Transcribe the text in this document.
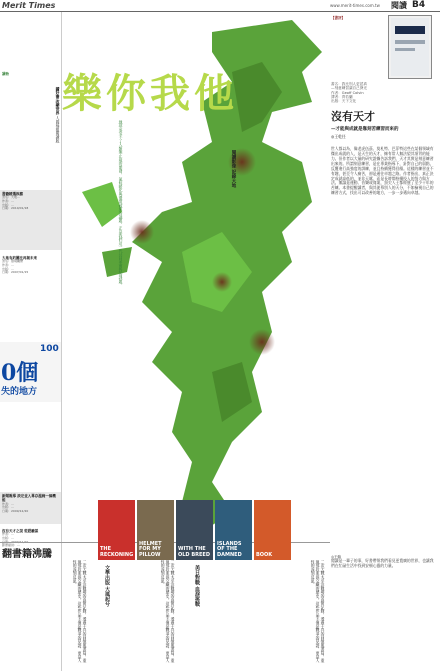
Merit Times	www.merit-times.com.tw 閱讀 B4
讀物
讀好書 改變世界 人間福報閱讀版
書籍精選推薦
書名：大地…
作者：…
出版：…
日期：2010/01/18
大地有約關注再創未來
書名：環境關懷
作者：…
出版：…
日期：2007/01/15
100
0個
失的地方
新聞報導 淡定並入專存溫婉一個機能
作者：…
出版：…
日期：2009/12/20
沒有天才之說 從經驗談
作者：…
出版：…
影像提供：…
樂你我他
地球承受不了人類無止境的開發，氣候暖化與環境破壞的議題，正是我們這一代共同要面對的課題。	閱讀影像 記錄大地
【書評】
書名：我比別人更認真
—刻意練習讓自己發光
作者：Geoff Colvin
譯者：齊若蘭
出版：天下文化
沒有天才
—才能與成就是靠刻苦練習而來的
◎王乾任
世人都以為，像老虎伍茲、莫札特、巴菲特這些在某個領域有傑出成就的人，是天生的天才，擁有常人無法望其項背的能力。但作者以大量的研究證據告訴我們，天才其實是刻意練習出來的。所謂刻意練習，是在專業指導下，針對自己的弱點，反覆進行高強度的訓練，並且持續獲得回饋。這樣的練習並不有趣，甚至令人痛苦，卻是通往卓越之路。作者指出，真正決定成就高低的，並非天賦，而是長時間持續投入的努力與方法。無論是運動、音樂或商業，頂尖人士都經歷了至少十年的苦練。本書提醒讀者，與其羨慕別人的天分，不如檢視自己的練習方式，找出可以改善的地方，一步一步邁向卓越。
◎王翰
閱讀是一輩子的事，好書帶領我們看見更寬廣的世界，也讓我們在忙碌生活中找到安頓心靈的力量。
翻書籍沸騰	THE RECKONING
HELMET FOR MY PILLOW
WITH THE OLD BREED
ISLANDS OF THE DAMNED	BOOK
文學出版 大風起兮	美日對戰 血淚挑戰
二次大戰太平洋戰場的真實記錄，透過士兵的回憶與書寫，重現那段血淚交織的歷史。這些作品不僅是戰爭的見證，更是人性的深刻反思。	二次大戰太平洋戰場的真實記錄，透過士兵的回憶與書寫，重現那段血淚交織的歷史。這些作品不僅是戰爭的見證，更是人性的深刻反思。	二次大戰太平洋戰場的真實記錄，透過士兵的回憶與書寫，重現那段血淚交織的歷史。這些作品不僅是戰爭的見證，更是人性的深刻反思。
